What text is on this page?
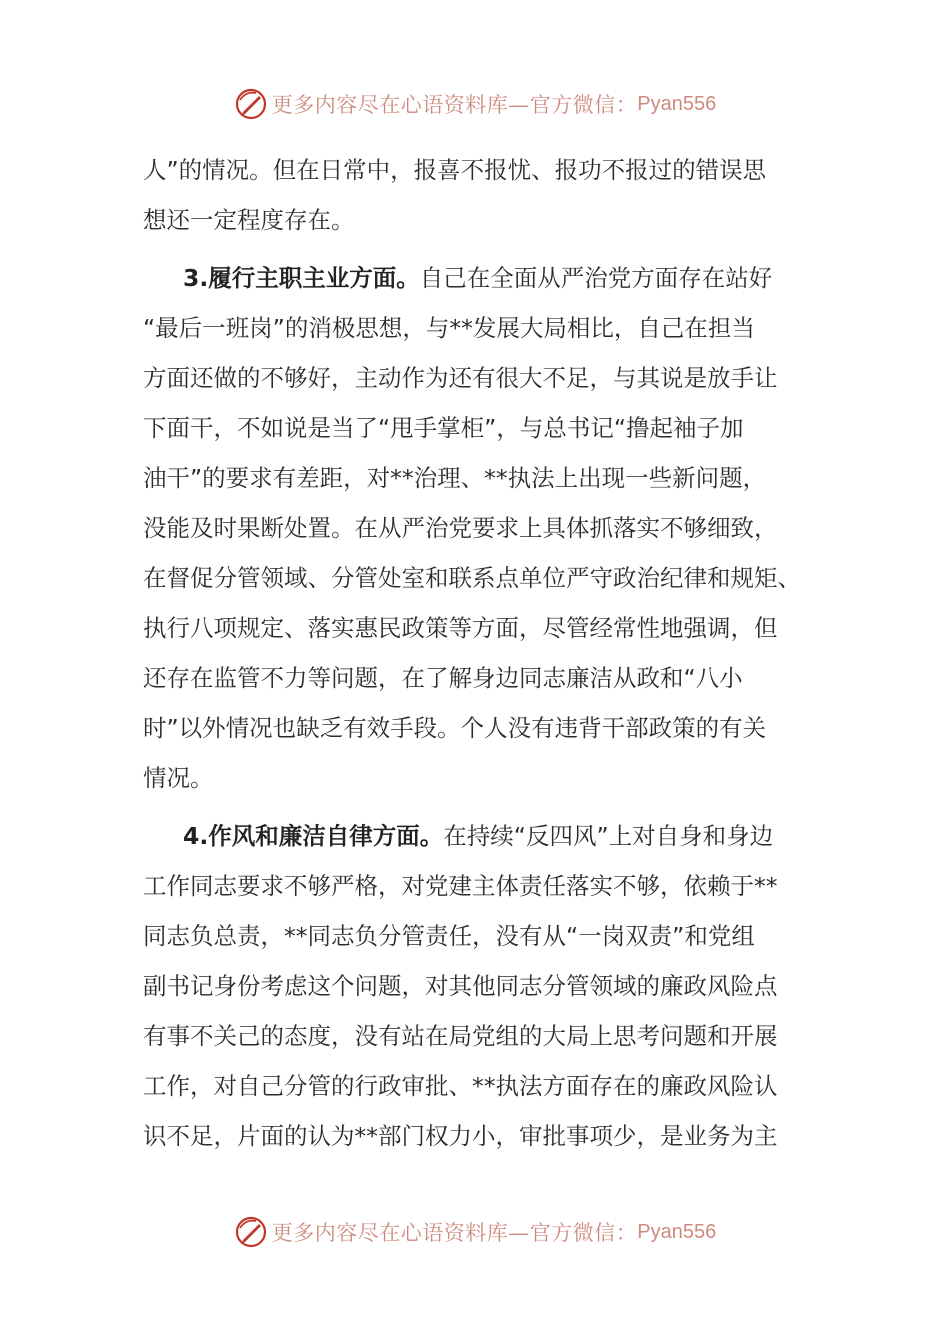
更多内容尽在心语资料库—官方微信： Pyan556
人”的情况。但在日常中，报喜不报忧、报功不报过的错误思
想还一定程度存在。
3.履行主职主业方面。自己在全面从严治党方面存在站好
“最后一班岗”的消极思想，与**发展大局相比，自己在担当
方面还做的不够好，主动作为还有很大不足，与其说是放手让
下面干，不如说是当了“甩手掌柜”，与总书记“撸起袖子加
油干”的要求有差距，对**治理、**执法上出现一些新问题，
没能及时果断处置。在从严治党要求上具体抓落实不够细致，
在督促分管领域、分管处室和联系点单位严守政治纪律和规矩、
执行八项规定、落实惠民政策等方面，尽管经常性地强调，但
还存在监管不力等问题，在了解身边同志廉洁从政和“八小
时”以外情况也缺乏有效手段。个人没有违背干部政策的有关
情况。
4.作风和廉洁自律方面。在持续“反四风”上对自身和身边
工作同志要求不够严格，对党建主体责任落实不够，依赖于**
同志负总责，**同志负分管责任，没有从“一岗双责”和党组
副书记身份考虑这个问题，对其他同志分管领域的廉政风险点
有事不关己的态度，没有站在局党组的大局上思考问题和开展
工作，对自己分管的行政审批、**执法方面存在的廉政风险认
识不足，片面的认为**部门权力小，审批事项少，是业务为主
更多内容尽在心语资料库—官方微信： Pyan556
